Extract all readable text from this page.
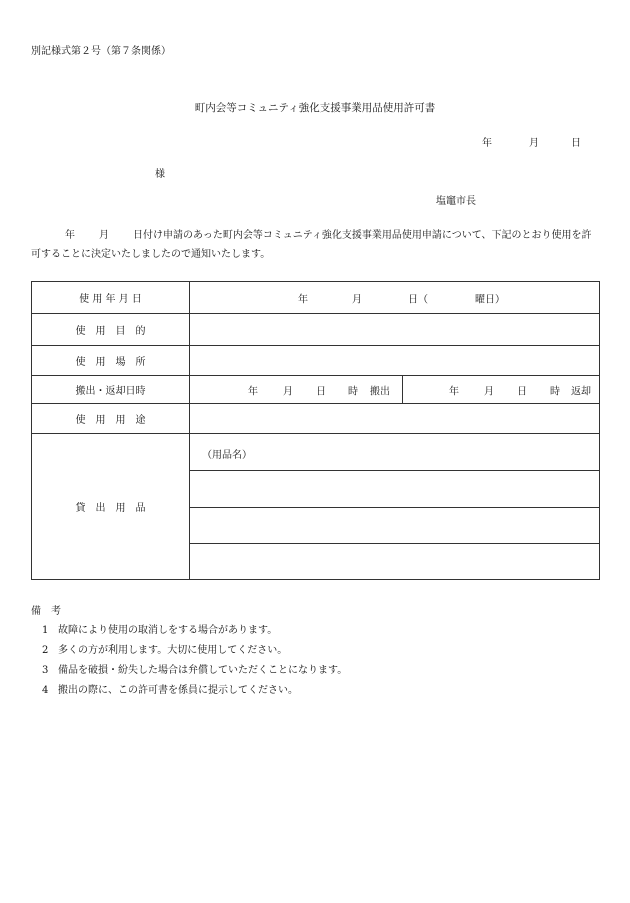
別記様式第２号（第７条関係）
町内会等コミュニティ強化支援事業用品使用許可書
年	月	日
様
塩竈市長
年 月 日付け申請のあった町内会等コミュニティ強化支援事業用品使用申請について、下記のとおり使用を許可することに決定いたしましたので通知いたします。
使 用 年 月 日	年 月 日（ 曜日）	

使　用　目　的		
使　用　場　所		
搬出・返却日時	年 月 日 時 搬出	年 月 日 時 返却

使　用　用　途		
貸　出　用　品	（用品名）	
備　考
1 故障により使用の取消しをする場合があります。
2 多くの方が利用します。大切に使用してください。
3 備品を破損・紛失した場合は弁償していただくことになります。
4 搬出の際に、この許可書を係員に提示してください。
